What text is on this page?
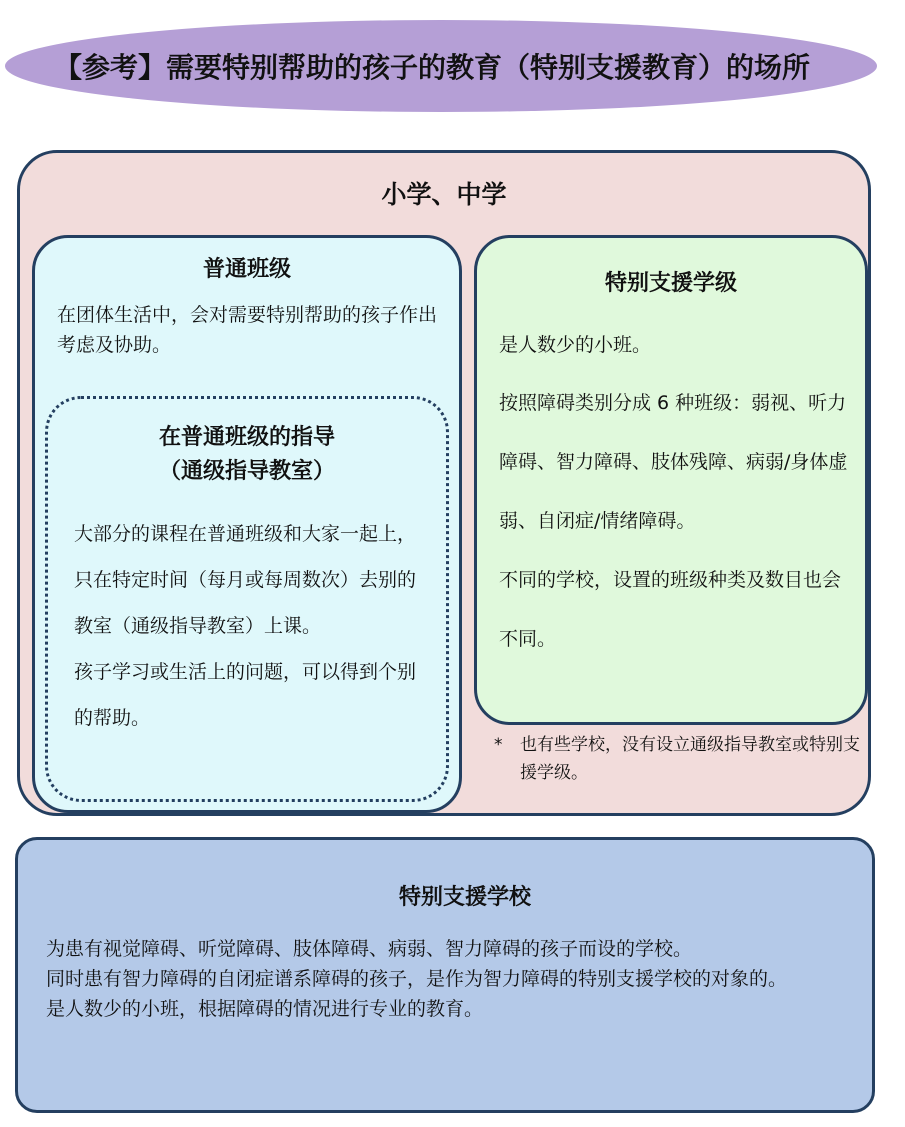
【参考】需要特别帮助的孩子的教育（特别支援教育）的场所
小学、中学
普通班级
在团体生活中，会对需要特别帮助的孩子作出考虑及协助。
在普通班级的指导
（通级指导教室）

大部分的课程在普通班级和大家一起上，只在特定时间（每月或每周数次）去别的教室（通级指导教室）上课。

孩子学习或生活上的问题，可以得到个别的帮助。

特别支援学级

是人数少的小班。

按照障碍类别分成 6 种班级：弱视、听力障碍、智力障碍、肢体残障、病弱/身体虚弱、自闭症/情绪障碍。

不同的学校，设置的班级种类及数目也会不同。

*	也有些学校，没有设立通级指导教室或特别支援学级。
特别支援学校

为患有视觉障碍、听觉障碍、肢体障碍、病弱、智力障碍的孩子而设的学校。

同时患有智力障碍的自闭症谱系障碍的孩子，是作为智力障碍的特别支援学校的对象的。

是人数少的小班，根据障碍的情况进行专业的教育。
